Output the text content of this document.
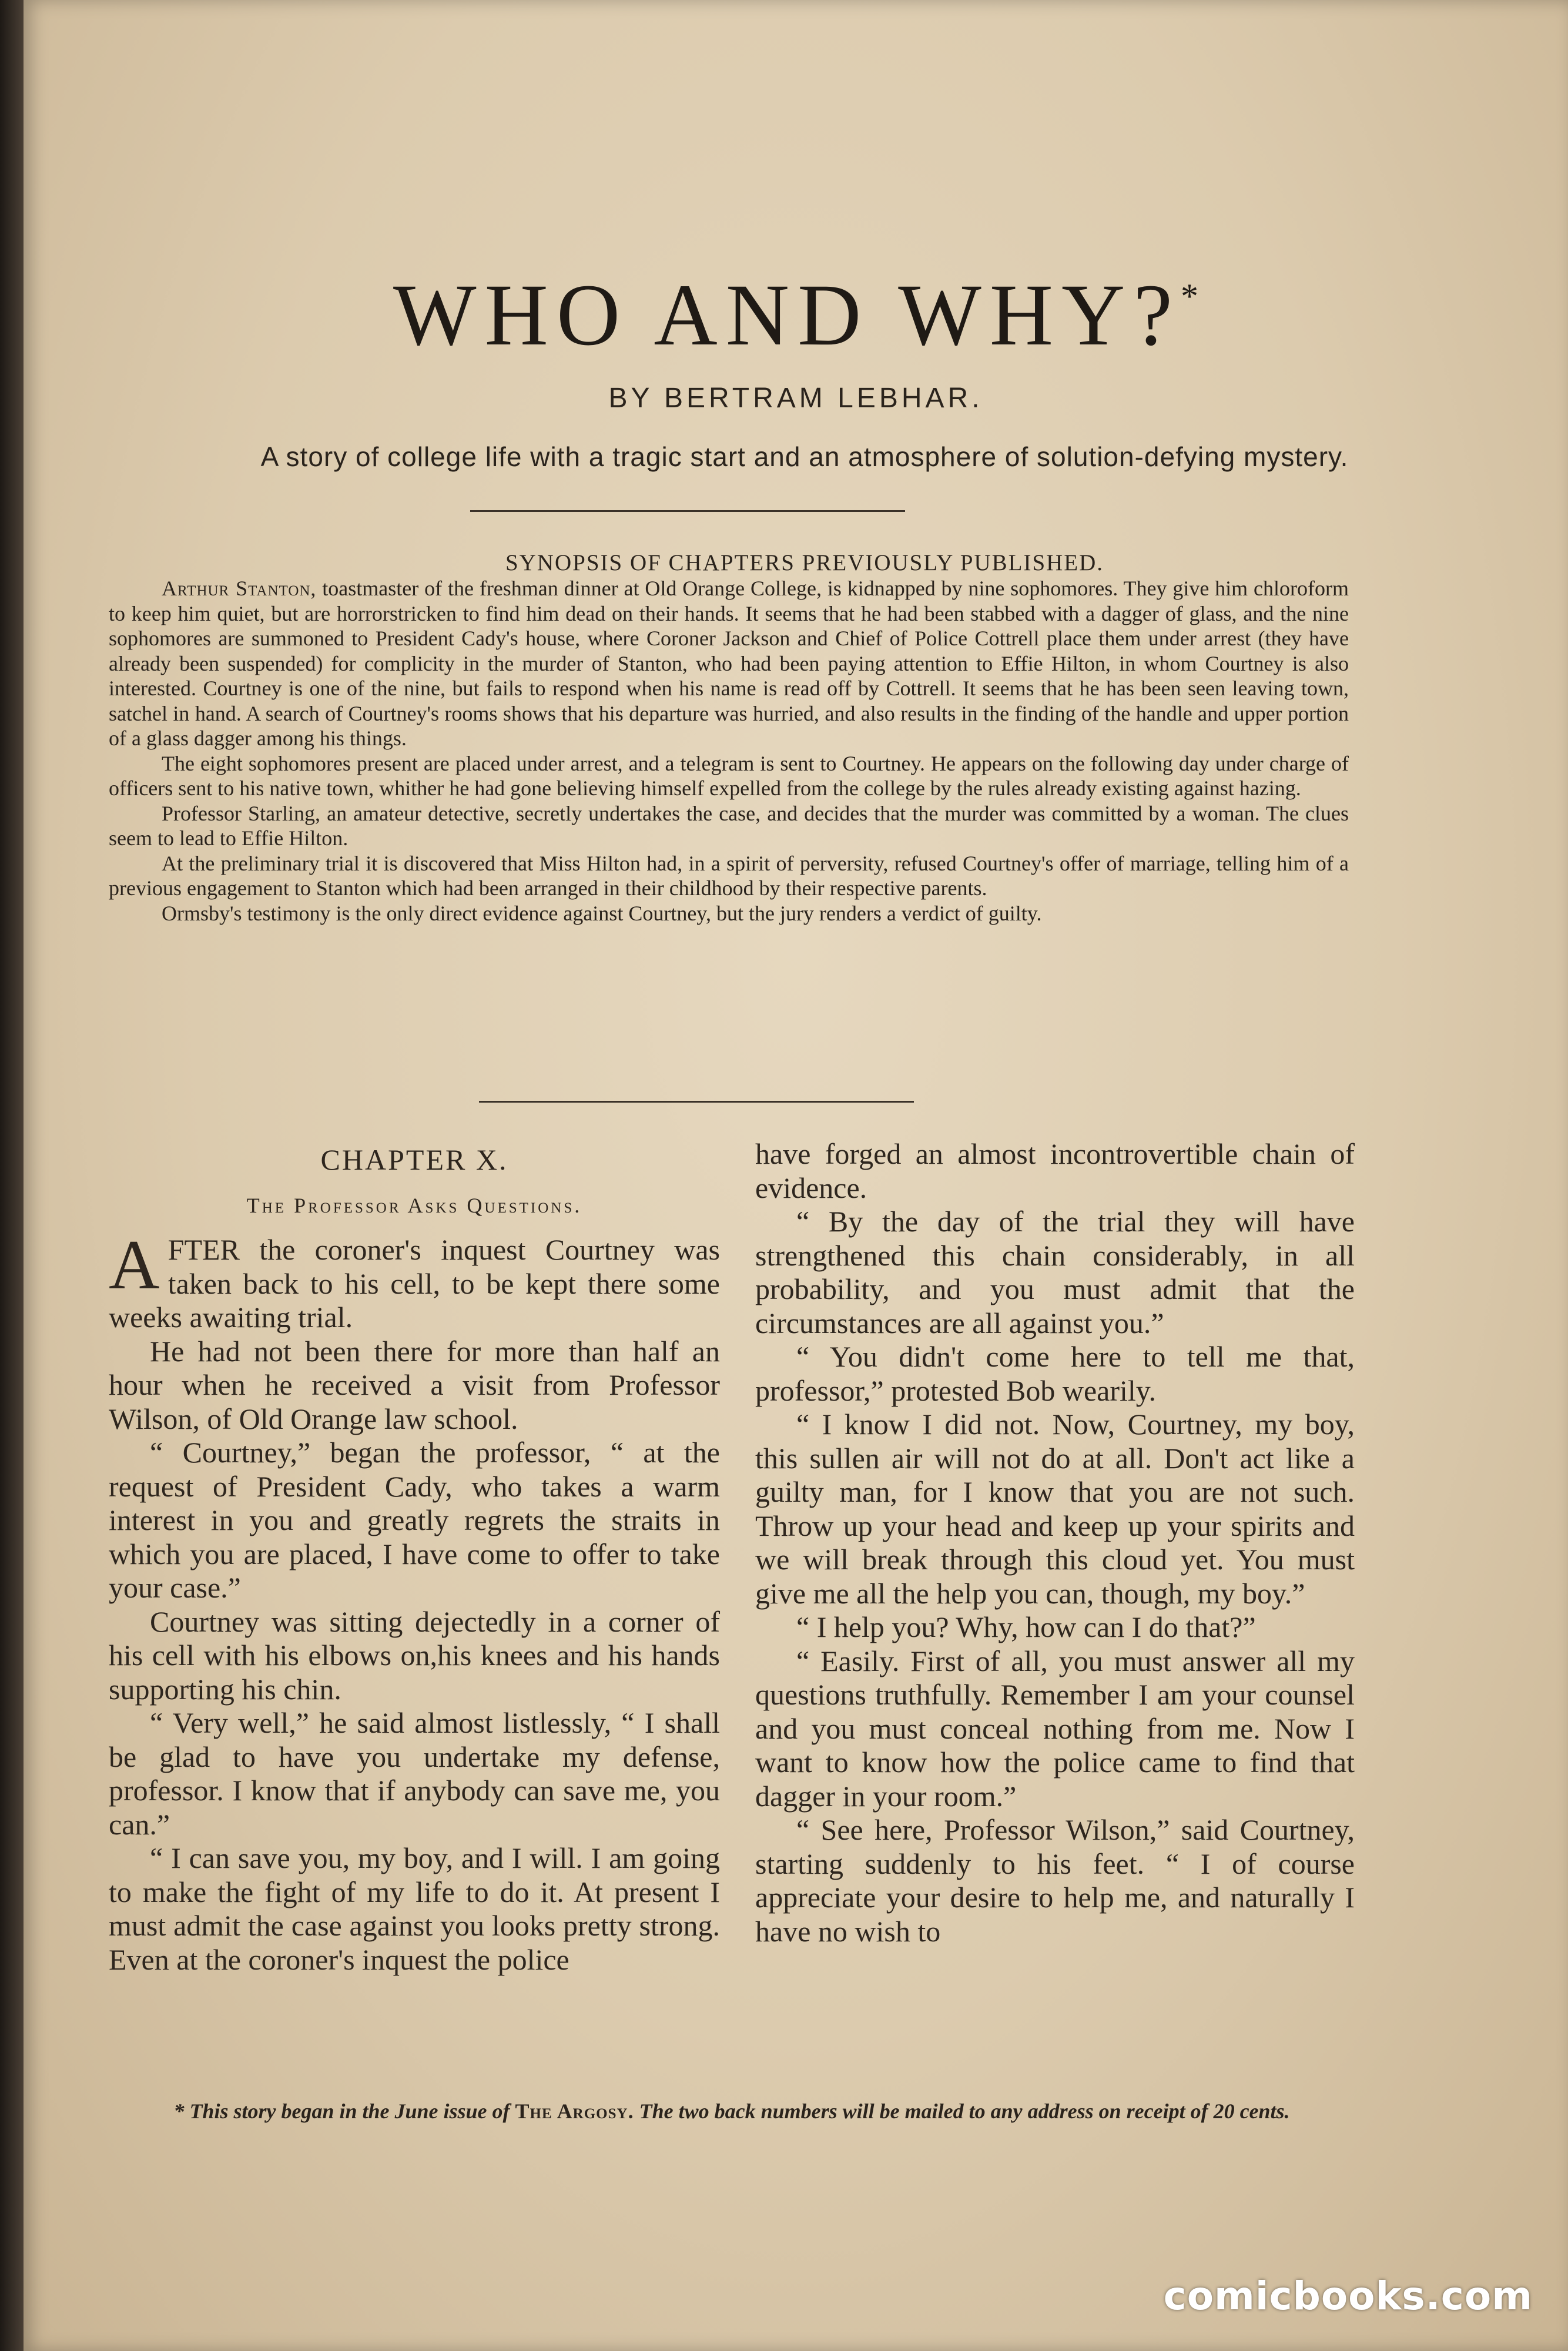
WHO AND WHY?*
BY BERTRAM LEBHAR.
A story of college life with a tragic start and an atmosphere of solution-defying mystery.
SYNOPSIS OF CHAPTERS PREVIOUSLY PUBLISHED.

Arthur Stanton, toastmaster of the freshman dinner at Old Orange College, is kidnapped by nine sophomores. They give him chloroform to keep him quiet, but are horrorstricken to find him dead on their hands. It seems that he had been stabbed with a dagger of glass, and the nine sophomores are summoned to President Cady's house, where Coroner Jackson and Chief of Police Cottrell place them under arrest (they have already been suspended) for complicity in the murder of Stanton, who had been paying attention to Effie Hilton, in whom Courtney is also interested. Courtney is one of the nine, but fails to respond when his name is read off by Cottrell. It seems that he has been seen leaving town, satchel in hand. A search of Courtney's rooms shows that his departure was hurried, and also results in the finding of the handle and upper portion of a glass dagger among his things.

The eight sophomores present are placed under arrest, and a telegram is sent to Courtney. He appears on the following day under charge of officers sent to his native town, whither he had gone believing himself expelled from the college by the rules already existing against hazing.

Professor Starling, an amateur detective, secretly undertakes the case, and decides that the murder was committed by a woman. The clues seem to lead to Effie Hilton.

At the preliminary trial it is discovered that Miss Hilton had, in a spirit of perversity, refused Courtney's offer of marriage, telling him of a previous engagement to Stanton which had been arranged in their childhood by their respective parents.

Ormsby's testimony is the only direct evidence against Courtney, but the jury renders a verdict of guilty.

CHAPTER X.
The Professor Asks Questions.

AFTER the coroner's inquest Courtney was taken back to his cell, to be kept there some weeks awaiting trial.

He had not been there for more than half an hour when he received a visit from Professor Wilson, of Old Orange law school.

“ Courtney,” began the professor, “ at the request of President Cady, who takes a warm interest in you and greatly regrets the straits in which you are placed, I have come to offer to take your case.”

Courtney was sitting dejectedly in a corner of his cell with his elbows on,his knees and his hands supporting his chin.

“ Very well,” he said almost listlessly, “ I shall be glad to have you undertake my defense, professor. I know that if anybody can save me, you can.”

“ I can save you, my boy, and I will. I am going to make the fight of my life to do it. At present I must admit the case against you looks pretty strong. Even at the coroner's inquest the police

have forged an almost incontrovertible chain of evidence.

“ By the day of the trial they will have strengthened this chain considerably, in all probability, and you must admit that the circumstances are all against you.”

“ You didn't come here to tell me that, professor,” protested Bob wearily.

“ I know I did not. Now, Courtney, my boy, this sullen air will not do at all. Don't act like a guilty man, for I know that you are not such. Throw up your head and keep up your spirits and we will break through this cloud yet. You must give me all the help you can, though, my boy.”

“ I help you? Why, how can I do that?”

“ Easily. First of all, you must answer all my questions truthfully. Remember I am your counsel and you must conceal nothing from me. Now I want to know how the police came to find that dagger in your room.”

“ See here, Professor Wilson,” said Courtney, starting suddenly to his feet. “ I of course appreciate your desire to help me, and naturally I have no wish to

* This story began in the June issue of The Argosy. The two back numbers will be mailed to any address on receipt of 20 cents.
comicbooks.com
